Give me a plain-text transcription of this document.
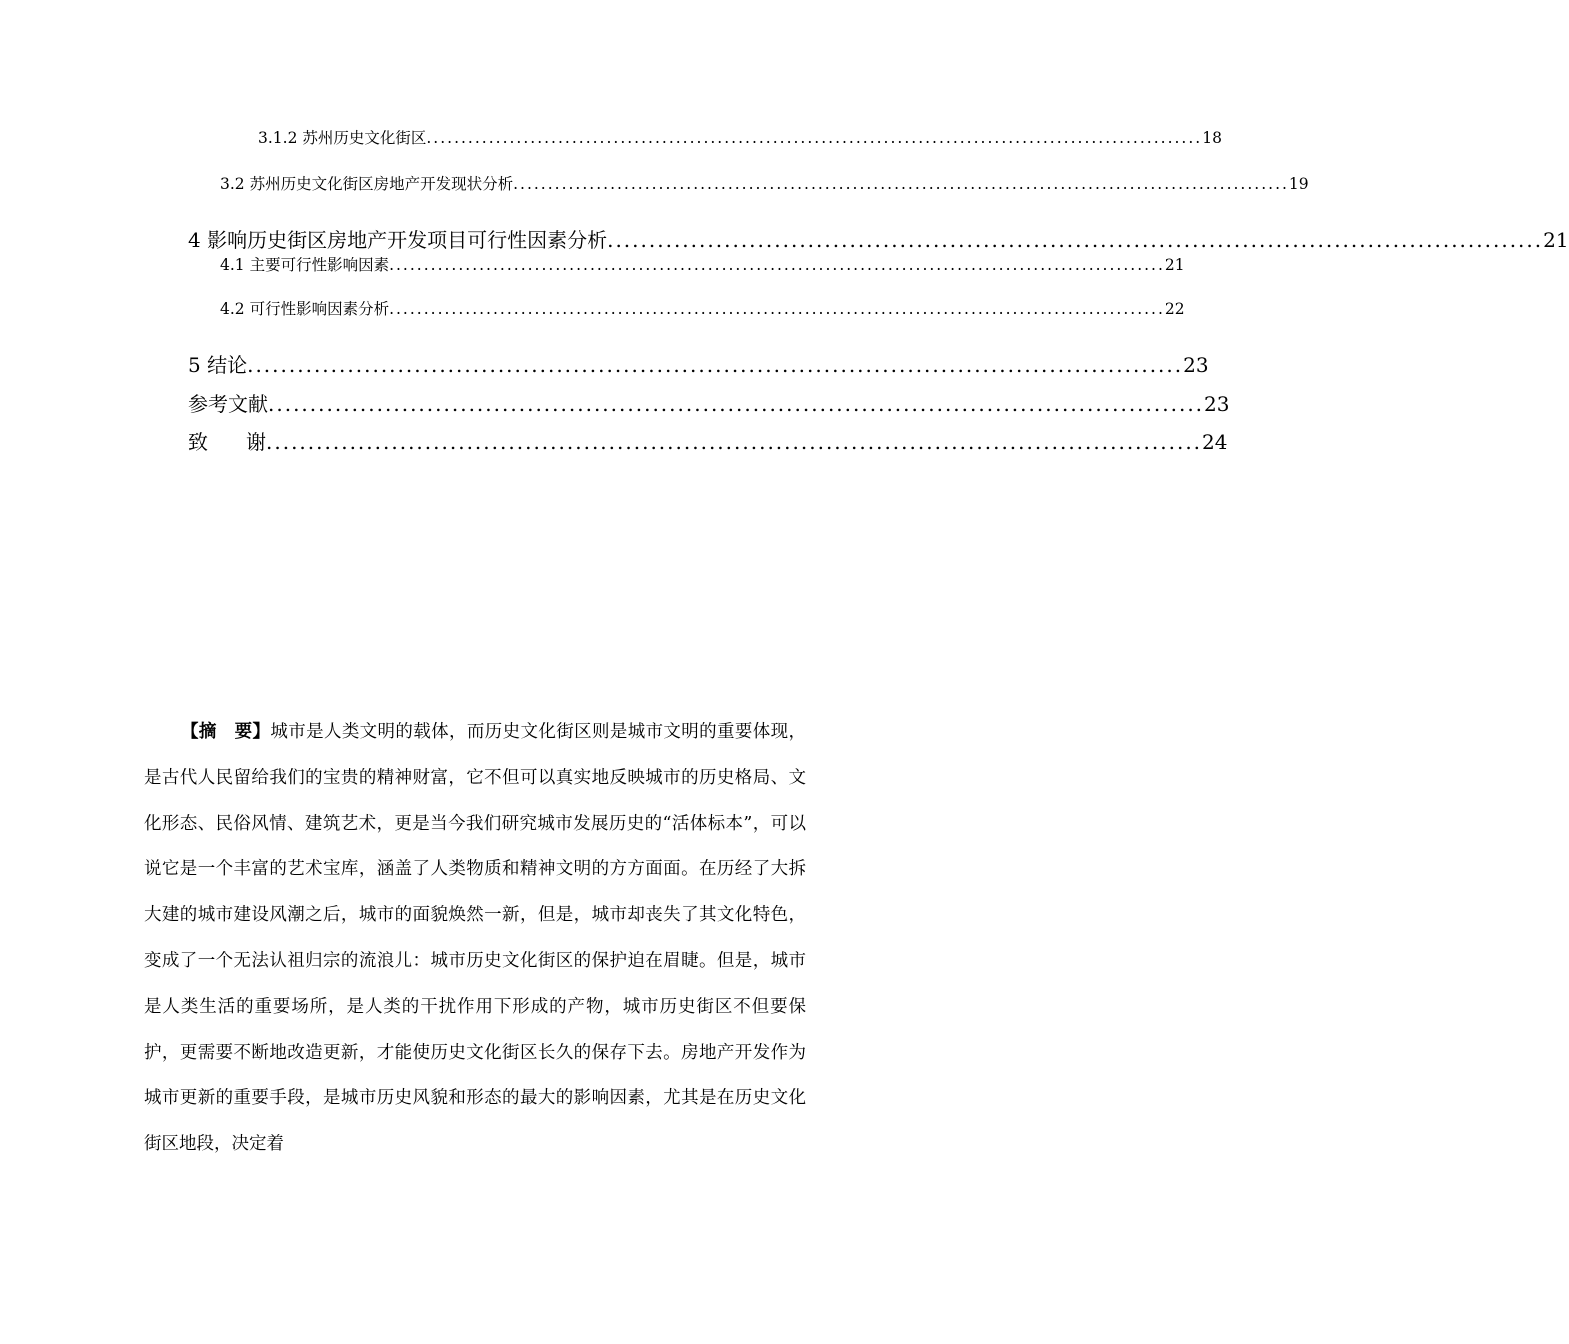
3.1.2 苏州历史文化街区 ................................................................................................................ 18
3.2 苏州历史文化街区房地产开发现状分析 ................................................................................................................ 19
4 影响历史街区房地产开发项目可行性因素分析 ................................................................................................................ 21
4.1 主要可行性影响因素 ................................................................................................................ 21
4.2 可行性影响因素分析 ................................................................................................................ 22
5 结论 ................................................................................................................ 23
参考文献 ................................................................................................................ 23
致 谢 ................................................................................................................ 24
【摘　要】城市是人类文明的载体，而历史文化街区则是城市文明的重要体现，是古代人民留给我们的宝贵的精神财富，它不但可以真实地反映城市的历史格局、文化形态、民俗风情、建筑艺术，更是当今我们研究城市发展历史的“活体标本”，可以说它是一个丰富的艺术宝库，涵盖了人类物质和精神文明的方方面面。在历经了大拆大建的城市建设风潮之后，城市的面貌焕然一新，但是，城市却丧失了其文化特色，变成了一个无法认祖归宗的流浪儿：城市历史文化街区的保护迫在眉睫。但是，城市是人类生活的重要场所，是人类的干扰作用下形成的产物，城市历史街区不但要保护，更需要不断地改造更新，才能使历史文化街区长久的保存下去。房地产开发作为城市更新的重要手段，是城市历史风貌和形态的最大的影响因素，尤其是在历史文化街区地段，决定着
